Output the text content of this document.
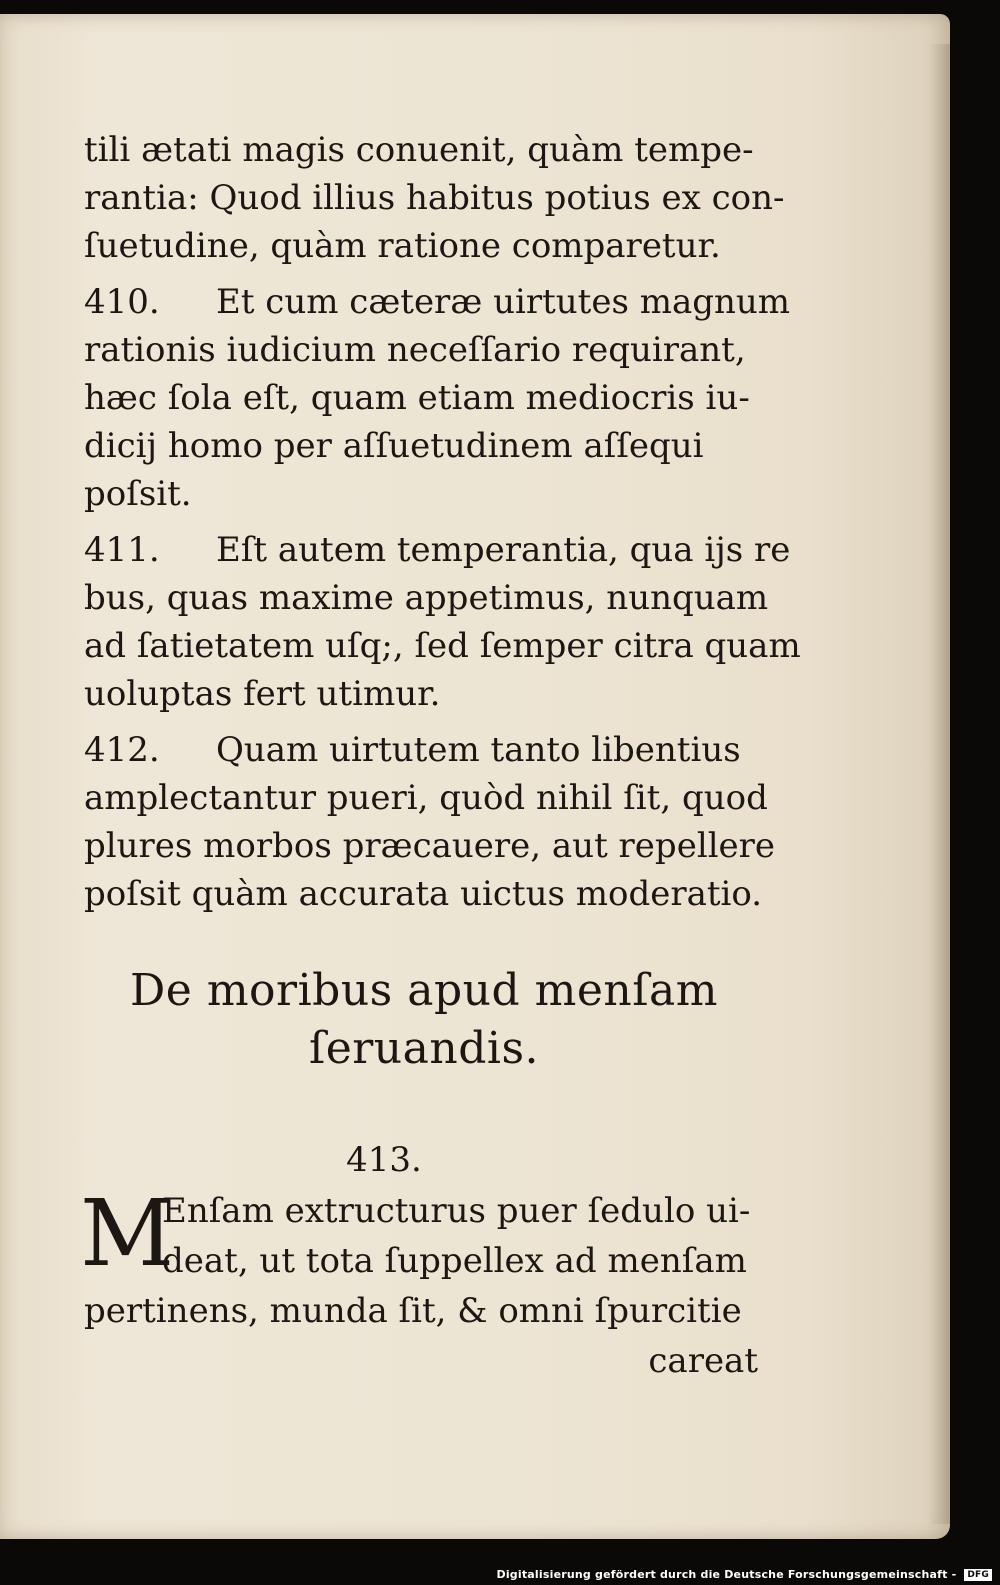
tili ætati magis conuenit, quàm tempe-
rantia: Quod illius habitus potius ex con-
ſuetudine, quàm ratione comparetur.

410. Et cum cæteræ uirtutes magnum
rationis iudicium neceſſario requirant,
hæc ſola eſt, quam etiam mediocris iu-
dicij homo per aſſuetudinem aſſequi
poſsit.

411. Eſt autem temperantia, qua ijs re
bus, quas maxime appetimus, nunquam
ad ſatietatem uſq;, ſed ſemper citra quam
uoluptas fert utimur.

412. Quam uirtutem tanto libentius
amplectantur pueri, quòd nihil ſit, quod
plures morbos præcauere, aut repellere
poſsit quàm accurata uictus moderatio.

De moribus apud menſam
ſeruandis.
413.
M
Enſam extructurus puer ſedulo ui-
deat, ut tota ſuppellex ad menſam
pertinens, munda ſit, & omni ſpurcitie
careat
Digitalisierung gefördert durch die Deutsche Forschungsgemeinschaft - DFG
